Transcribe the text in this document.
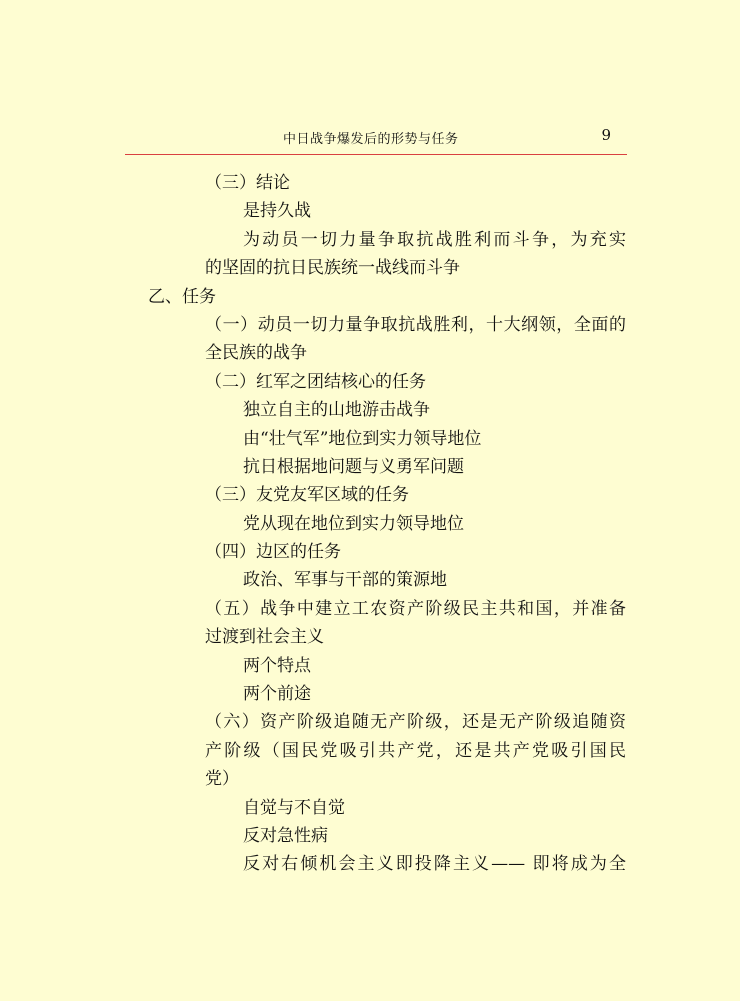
中日战争爆发后的形势与任务	9
（三）结论
是持久战
为动员一切力量争取抗战胜利而斗争，为充实
的坚固的抗日民族统一战线而斗争
乙、任务
（一）动员一切力量争取抗战胜利，十大纲领，全面的
全民族的战争
（二）红军之团结核心的任务
独立自主的山地游击战争
由“壮气军”地位到实力领导地位
抗日根据地问题与义勇军问题
（三）友党友军区域的任务
党从现在地位到实力领导地位
（四）边区的任务
政治、军事与干部的策源地
（五）战争中建立工农资产阶级民主共和国，并准备
过渡到社会主义
两个特点
两个前途
（六）资产阶级追随无产阶级，还是无产阶级追随资
产阶级（国民党吸引共产党，还是共产党吸引国民
党）
自觉与不自觉
反对急性病
反对右倾机会主义即投降主义—— 即将成为全
